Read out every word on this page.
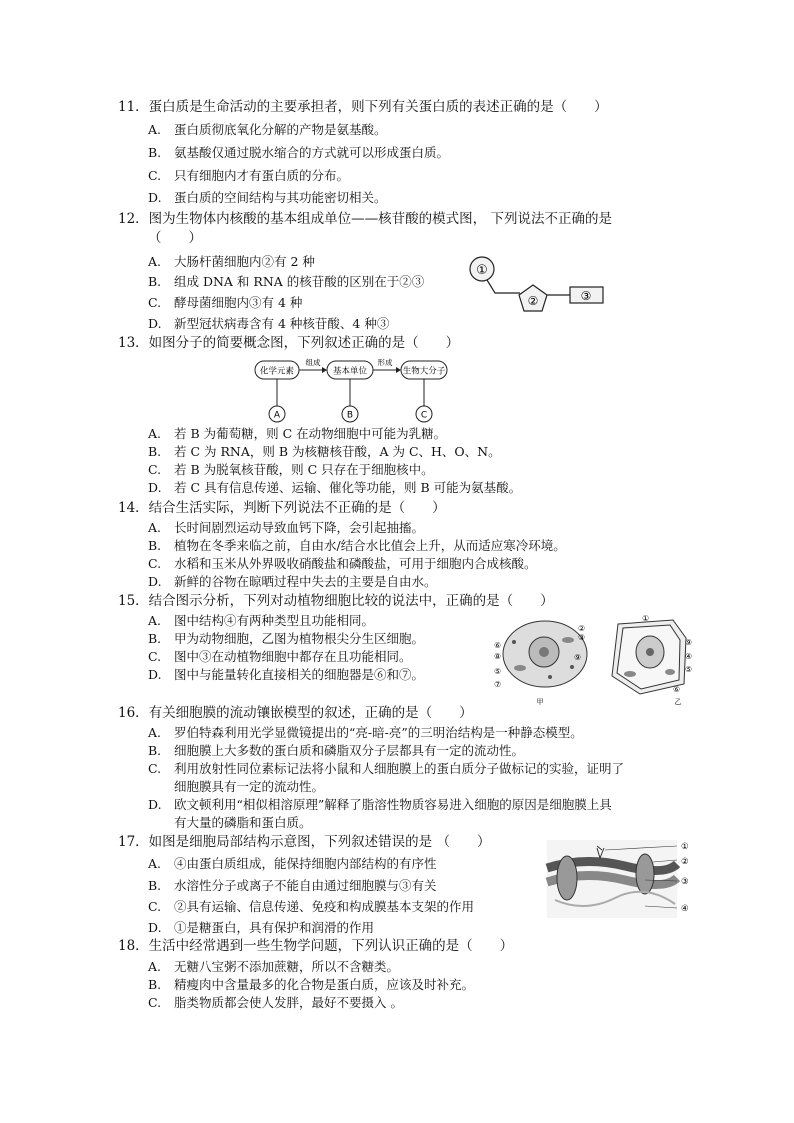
11．蛋白质是生命活动的主要承担者，则下列有关蛋白质的表述正确的是（　　）
A. 蛋白质彻底氧化分解的产物是氨基酸。
B. 氨基酸仅通过脱水缩合的方式就可以形成蛋白质。
C. 只有细胞内才有蛋白质的分布。
D. 蛋白质的空间结构与其功能密切相关。
12．图为生物体内核酸的基本组成单位——核苷酸的模式图， 下列说法不正确的是
（　　）
A. 大肠杆菌细胞内②有 2 种
B. 组成 DNA 和 RNA 的核苷酸的区别在于②③
C. 酵母菌细胞内③有 4 种
D. 新型冠状病毒含有 4 种核苷酸、4 种③
①
②	③
13．如图分子的简要概念图，下列叙述正确的是（　　）
化学元素
组成
基本单位
形成
生物大分子
A	B	C
A. 若 B 为葡萄糖，则 C 在动物细胞中可能为乳糖。
B. 若 C 为 RNA，则 B 为核糖核苷酸，A 为 C、H、O、N。
C. 若 B 为脱氧核苷酸，则 C 只存在于细胞核中。
D. 若 C 具有信息传递、运输、催化等功能，则 B 可能为氨基酸。
14．结合生活实际，判断下列说法不正确的是（　　）
A. 长时间剧烈运动导致血钙下降，会引起抽搐。
B. 植物在冬季来临之前，自由水/结合水比值会上升，从而适应寒冷环境。
C. 水稻和玉米从外界吸收硝酸盐和磷酸盐，可用于细胞内合成核酸。
D. 新鲜的谷物在晾晒过程中失去的主要是自由水。
15．结合图示分析，下列对动植物细胞比较的说法中，正确的是（　　）
A. 图中结构④有两种类型且功能相同。
B. 甲为动物细胞，乙图为植物根尖分生区细胞。
C. 图中③在动植物细胞中都存在且功能相同。
D. 图中与能量转化直接相关的细胞器是⑥和⑦。
甲
②
③
⑥
⑧	⑨
⑤
⑦
乙
①
⑨
④
⑤
⑥
16．有关细胞膜的流动镶嵌模型的叙述，正确的是（　　）
A. 罗伯特森利用光学显微镜提出的“亮-暗-亮”的三明治结构是一种静态模型。
B. 细胞膜上大多数的蛋白质和磷脂双分子层都具有一定的流动性。
C. 利用放射性同位素标记法将小鼠和人细胞膜上的蛋白质分子做标记的实验，证明了
细胞膜具有一定的流动性。
D. 欧文顿利用“相似相溶原理”解释了脂溶性物质容易进入细胞的原因是细胞膜上具
有大量的磷脂和蛋白质。
17．如图是细胞局部结构示意图，下列叙述错误的是 （　　）
A. ④由蛋白质组成，能保持细胞内部结构的有序性
B. 水溶性分子或离子不能自由通过细胞膜与③有关
C. ②具有运输、信息传递、免疫和构成膜基本支架的作用
D. ①是糖蛋白，具有保护和润滑的作用
①
②
③
④
18．生活中经常遇到一些生物学问题，下列认识正确的是（　　）
A. 无糖八宝粥不添加蔗糖，所以不含糖类。
B. 精瘦肉中含量最多的化合物是蛋白质，应该及时补充。
C. 脂类物质都会使人发胖，最好不要摄入 。
